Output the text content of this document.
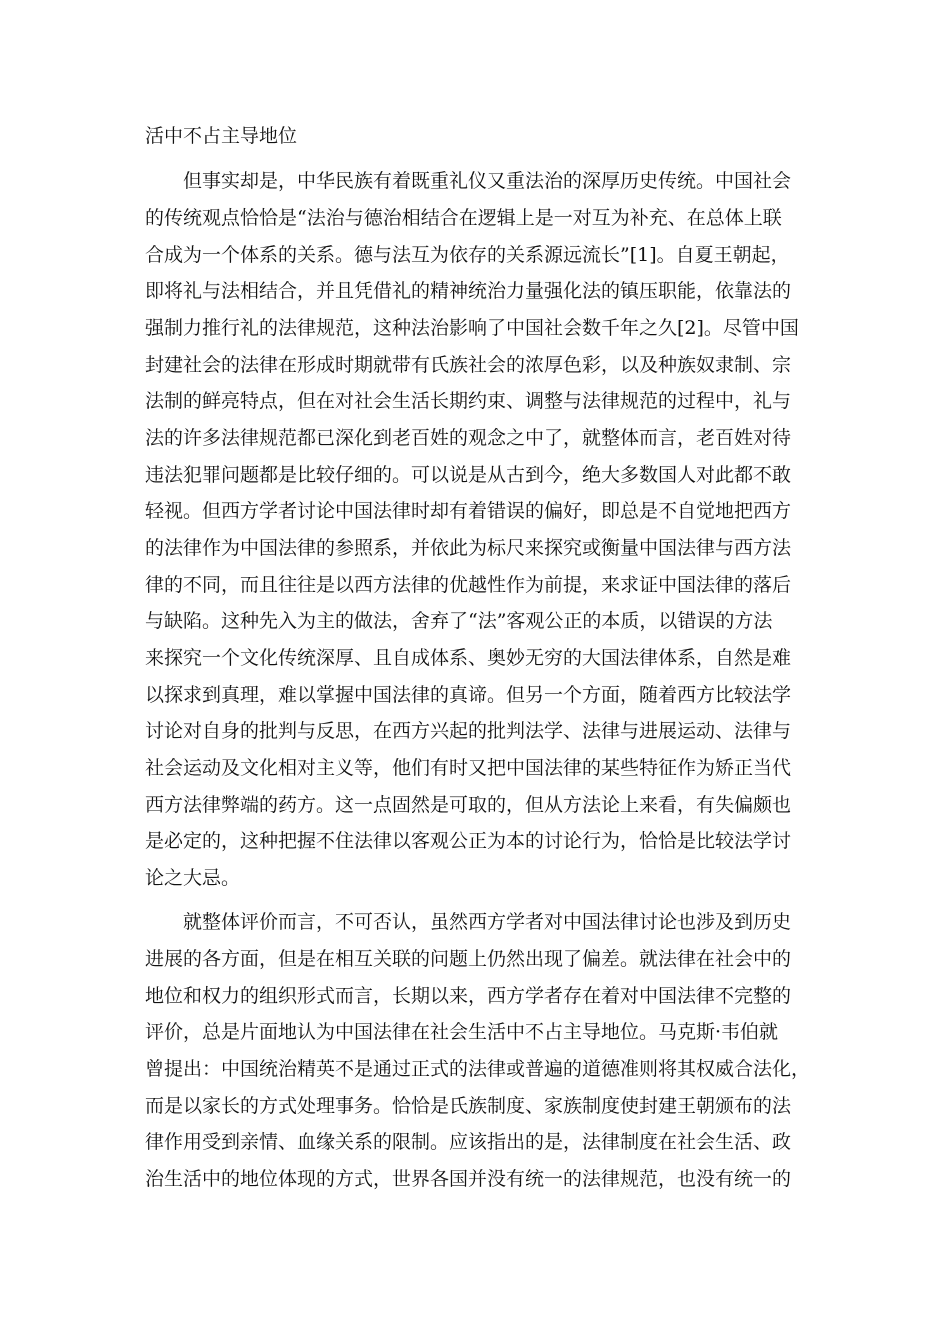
活中不占主导地位
但事实却是，中华民族有着既重礼仪又重法治的深厚历史传统。中国社会
的传统观点恰恰是“法治与德治相结合在逻辑上是一对互为补充、在总体上联
合成为一个体系的关系。德与法互为依存的关系源远流长”[1]。自夏王朝起，
即将礼与法相结合，并且凭借礼的精神统治力量强化法的镇压职能，依靠法的
强制力推行礼的法律规范，这种法治影响了中国社会数千年之久[2]。尽管中国
封建社会的法律在形成时期就带有氏族社会的浓厚色彩，以及种族奴隶制、宗
法制的鲜亮特点，但在对社会生活长期约束、调整与法律规范的过程中，礼与
法的许多法律规范都已深化到老百姓的观念之中了，就整体而言，老百姓对待
违法犯罪问题都是比较仔细的。可以说是从古到今，绝大多数国人对此都不敢
轻视。但西方学者讨论中国法律时却有着错误的偏好，即总是不自觉地把西方
的法律作为中国法律的参照系，并依此为标尺来探究或衡量中国法律与西方法
律的不同，而且往往是以西方法律的优越性作为前提，来求证中国法律的落后
与缺陷。这种先入为主的做法，舍弃了“法”客观公正的本质，以错误的方法
来探究一个文化传统深厚、且自成体系、奥妙无穷的大国法律体系，自然是难
以探求到真理，难以掌握中国法律的真谛。但另一个方面，随着西方比较法学
讨论对自身的批判与反思，在西方兴起的批判法学、法律与进展运动、法律与
社会运动及文化相对主义等，他们有时又把中国法律的某些特征作为矫正当代
西方法律弊端的药方。这一点固然是可取的，但从方法论上来看，有失偏颇也
是必定的，这种把握不住法律以客观公正为本的讨论行为，恰恰是比较法学讨
论之大忌。
就整体评价而言，不可否认，虽然西方学者对中国法律讨论也涉及到历史
进展的各方面，但是在相互关联的问题上仍然出现了偏差。就法律在社会中的
地位和权力的组织形式而言，长期以来，西方学者存在着对中国法律不完整的
评价，总是片面地认为中国法律在社会生活中不占主导地位。马克斯·韦伯就
曾提出：中国统治精英不是通过正式的法律或普遍的道德准则将其权威合法化，
而是以家长的方式处理事务。恰恰是氏族制度、家族制度使封建王朝颁布的法
律作用受到亲情、血缘关系的限制。应该指出的是，法律制度在社会生活、政
治生活中的地位体现的方式，世界各国并没有统一的法律规范，也没有统一的
